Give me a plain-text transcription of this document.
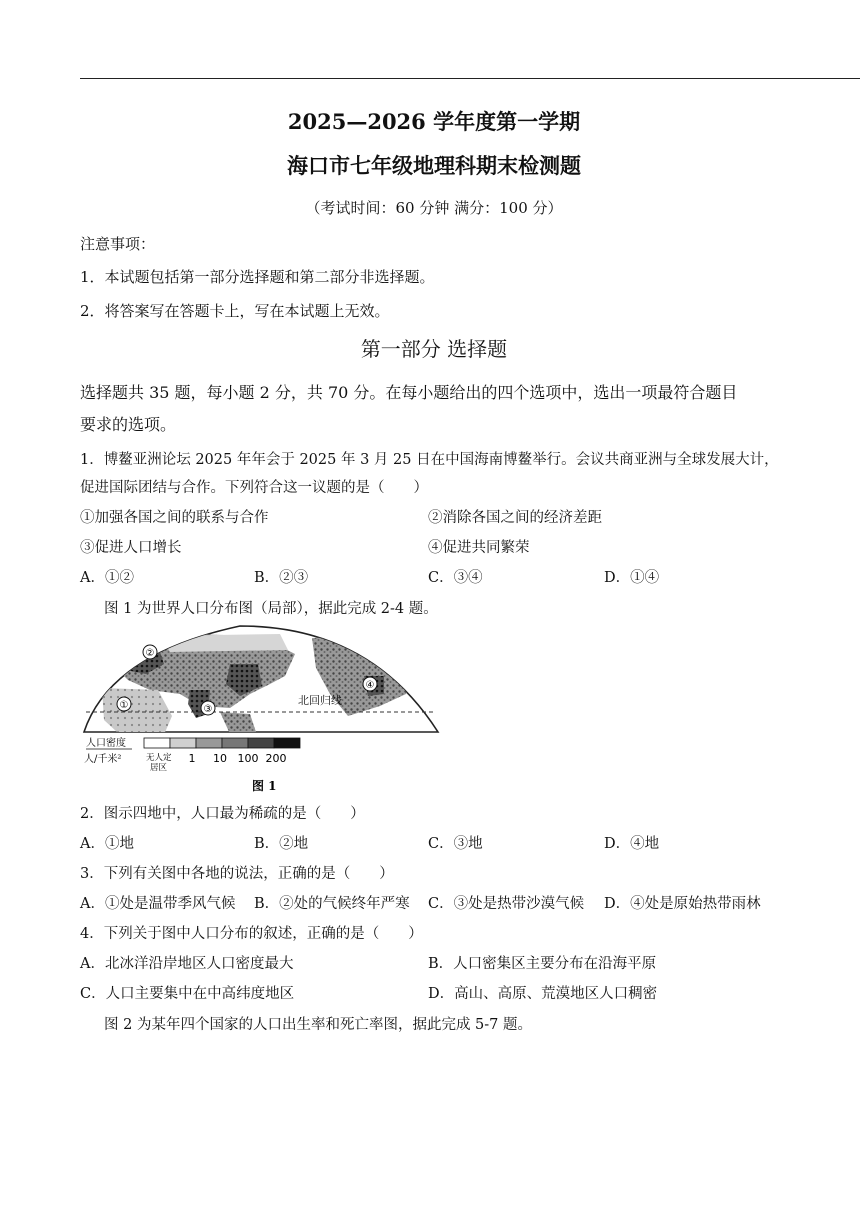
2025—2026 学年度第一学期
海口市七年级地理科期末检测题
（考试时间：60 分钟 满分：100 分）
注意事项：
1．本试题包括第一部分选择题和第二部分非选择题。
2．将答案写在答题卡上，写在本试题上无效。
第一部分 选择题
选择题共 35 题，每小题 2 分，共 70 分。在每小题给出的四个选项中，选出一项最符合题目
要求的选项。
1．博鳌亚洲论坛 2025 年年会于 2025 年 3 月 25 日在中国海南博鳌举行。会议共商亚洲与全球发展大计，
促进国际团结与合作。下列符合这一议题的是（　　）
①加强各国之间的联系与合作	②消除各国之间的经济差距
③促进人口增长	④促进共同繁荣
A．①②	B．②③	C．③④	D．①④
图 1 为世界人口分布图（局部），据此完成 2-4 题。
北回归线
①
②
③
④
人口密度
人/千米²	无人定
居区
1 10 100 200
图 1
2．图示四地中，人口最为稀疏的是（　　）
A．①地	B．②地	C．③地	D．④地
3．下列有关图中各地的说法，正确的是（　　）
A．①处是温带季风气候 B．②处的气候终年严寒 C．③处是热带沙漠气候 D．④处是原始热带雨林
4．下列关于图中人口分布的叙述，正确的是（　　）
A．北冰洋沿岸地区人口密度最大	B．人口密集区主要分布在沿海平原
C．人口主要集中在中高纬度地区	D．高山、高原、荒漠地区人口稠密
图 2 为某年四个国家的人口出生率和死亡率图，据此完成 5-7 题。
